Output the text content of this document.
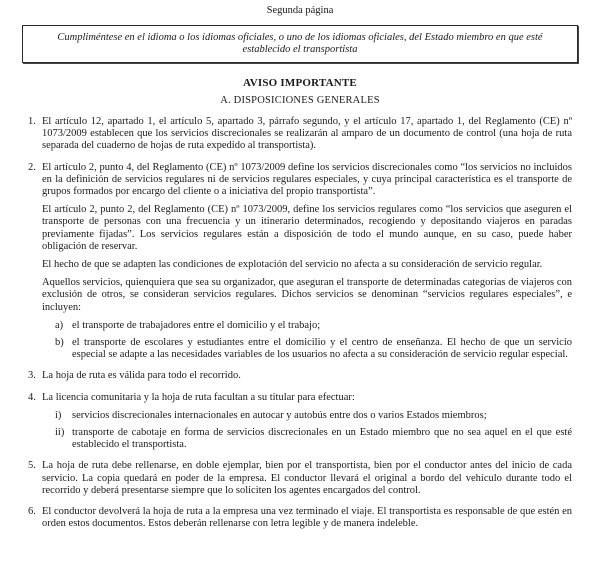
Segunda página
Cumpliméntese en el idioma o los idiomas oficiales, o uno de los idiomas oficiales, del Estado miembro en que esté establecido el transportista
AVISO IMPORTANTE
A. DISPOSICIONES GENERALES
1. El artículo 12, apartado 1, el artículo 5, apartado 3, párrafo segundo, y el artículo 17, apartado 1, del Reglamento (CE) nº 1073/2009 establecen que los servicios discrecionales se realizarán al amparo de un documento de control (una hoja de ruta separada del cuaderno de hojas de ruta expedido al transportista).

2. El artículo 2, punto 4, del Reglamento (CE) nº 1073/2009 define los servicios discrecionales como “los servicios no incluidos en la definición de servicios regulares ni de servicios regulares especiales, y cuya principal característica es el transporte de grupos formados por encargo del cliente o a iniciativa del propio transportista”.

El artículo 2, punto 2, del Reglamento (CE) nº 1073/2009, define los servicios regulares como “los servicios que aseguren el transporte de personas con una frecuencia y un itinerario determinados, recogiendo y depositando viajeros en paradas previamente fijadas”. Los servicios regulares están a disposición de todo el mundo aunque, en su caso, puede haber obligación de reservar.

El hecho de que se adapten las condiciones de explotación del servicio no afecta a su consideración de servicio regular.

Aquellos servicios, quienquiera que sea su organizador, que aseguran el transporte de determinadas categorías de viajeros con exclusión de otros, se consideran servicios regulares. Dichos servicios se denominan “servicios regulares especiales”, e incluyen:

a) el transporte de trabajadores entre el domicilio y el trabajo;

b) el transporte de escolares y estudiantes entre el domicilio y el centro de enseñanza. El hecho de que un servicio especial se adapte a las necesidades variables de los usuarios no afecta a su consideración de servicio regular especial.

3. La hoja de ruta es válida para todo el recorrido.

4. La licencia comunitaria y la hoja de ruta facultan a su titular para efectuar:

i)	servicios discrecionales internacionales en autocar y autobús entre dos o varios Estados miembros;

ii) transporte de cabotaje en forma de servicios discrecionales en un Estado miembro que no sea aquel en el que esté establecido el transportista.

5. La hoja de ruta debe rellenarse, en doble ejemplar, bien por el transportista, bien por el conductor antes del inicio de cada servicio. La copia quedará en poder de la empresa. El conductor llevará el original a bordo del vehículo durante todo el recorrido y deberá presentarse siempre que lo soliciten los agentes encargados del control.

6. El conductor devolverá la hoja de ruta a la empresa una vez terminado el viaje. El transportista es responsable de que estén en orden estos documentos. Estos deberán rellenarse con letra legible y de manera indeleble.
